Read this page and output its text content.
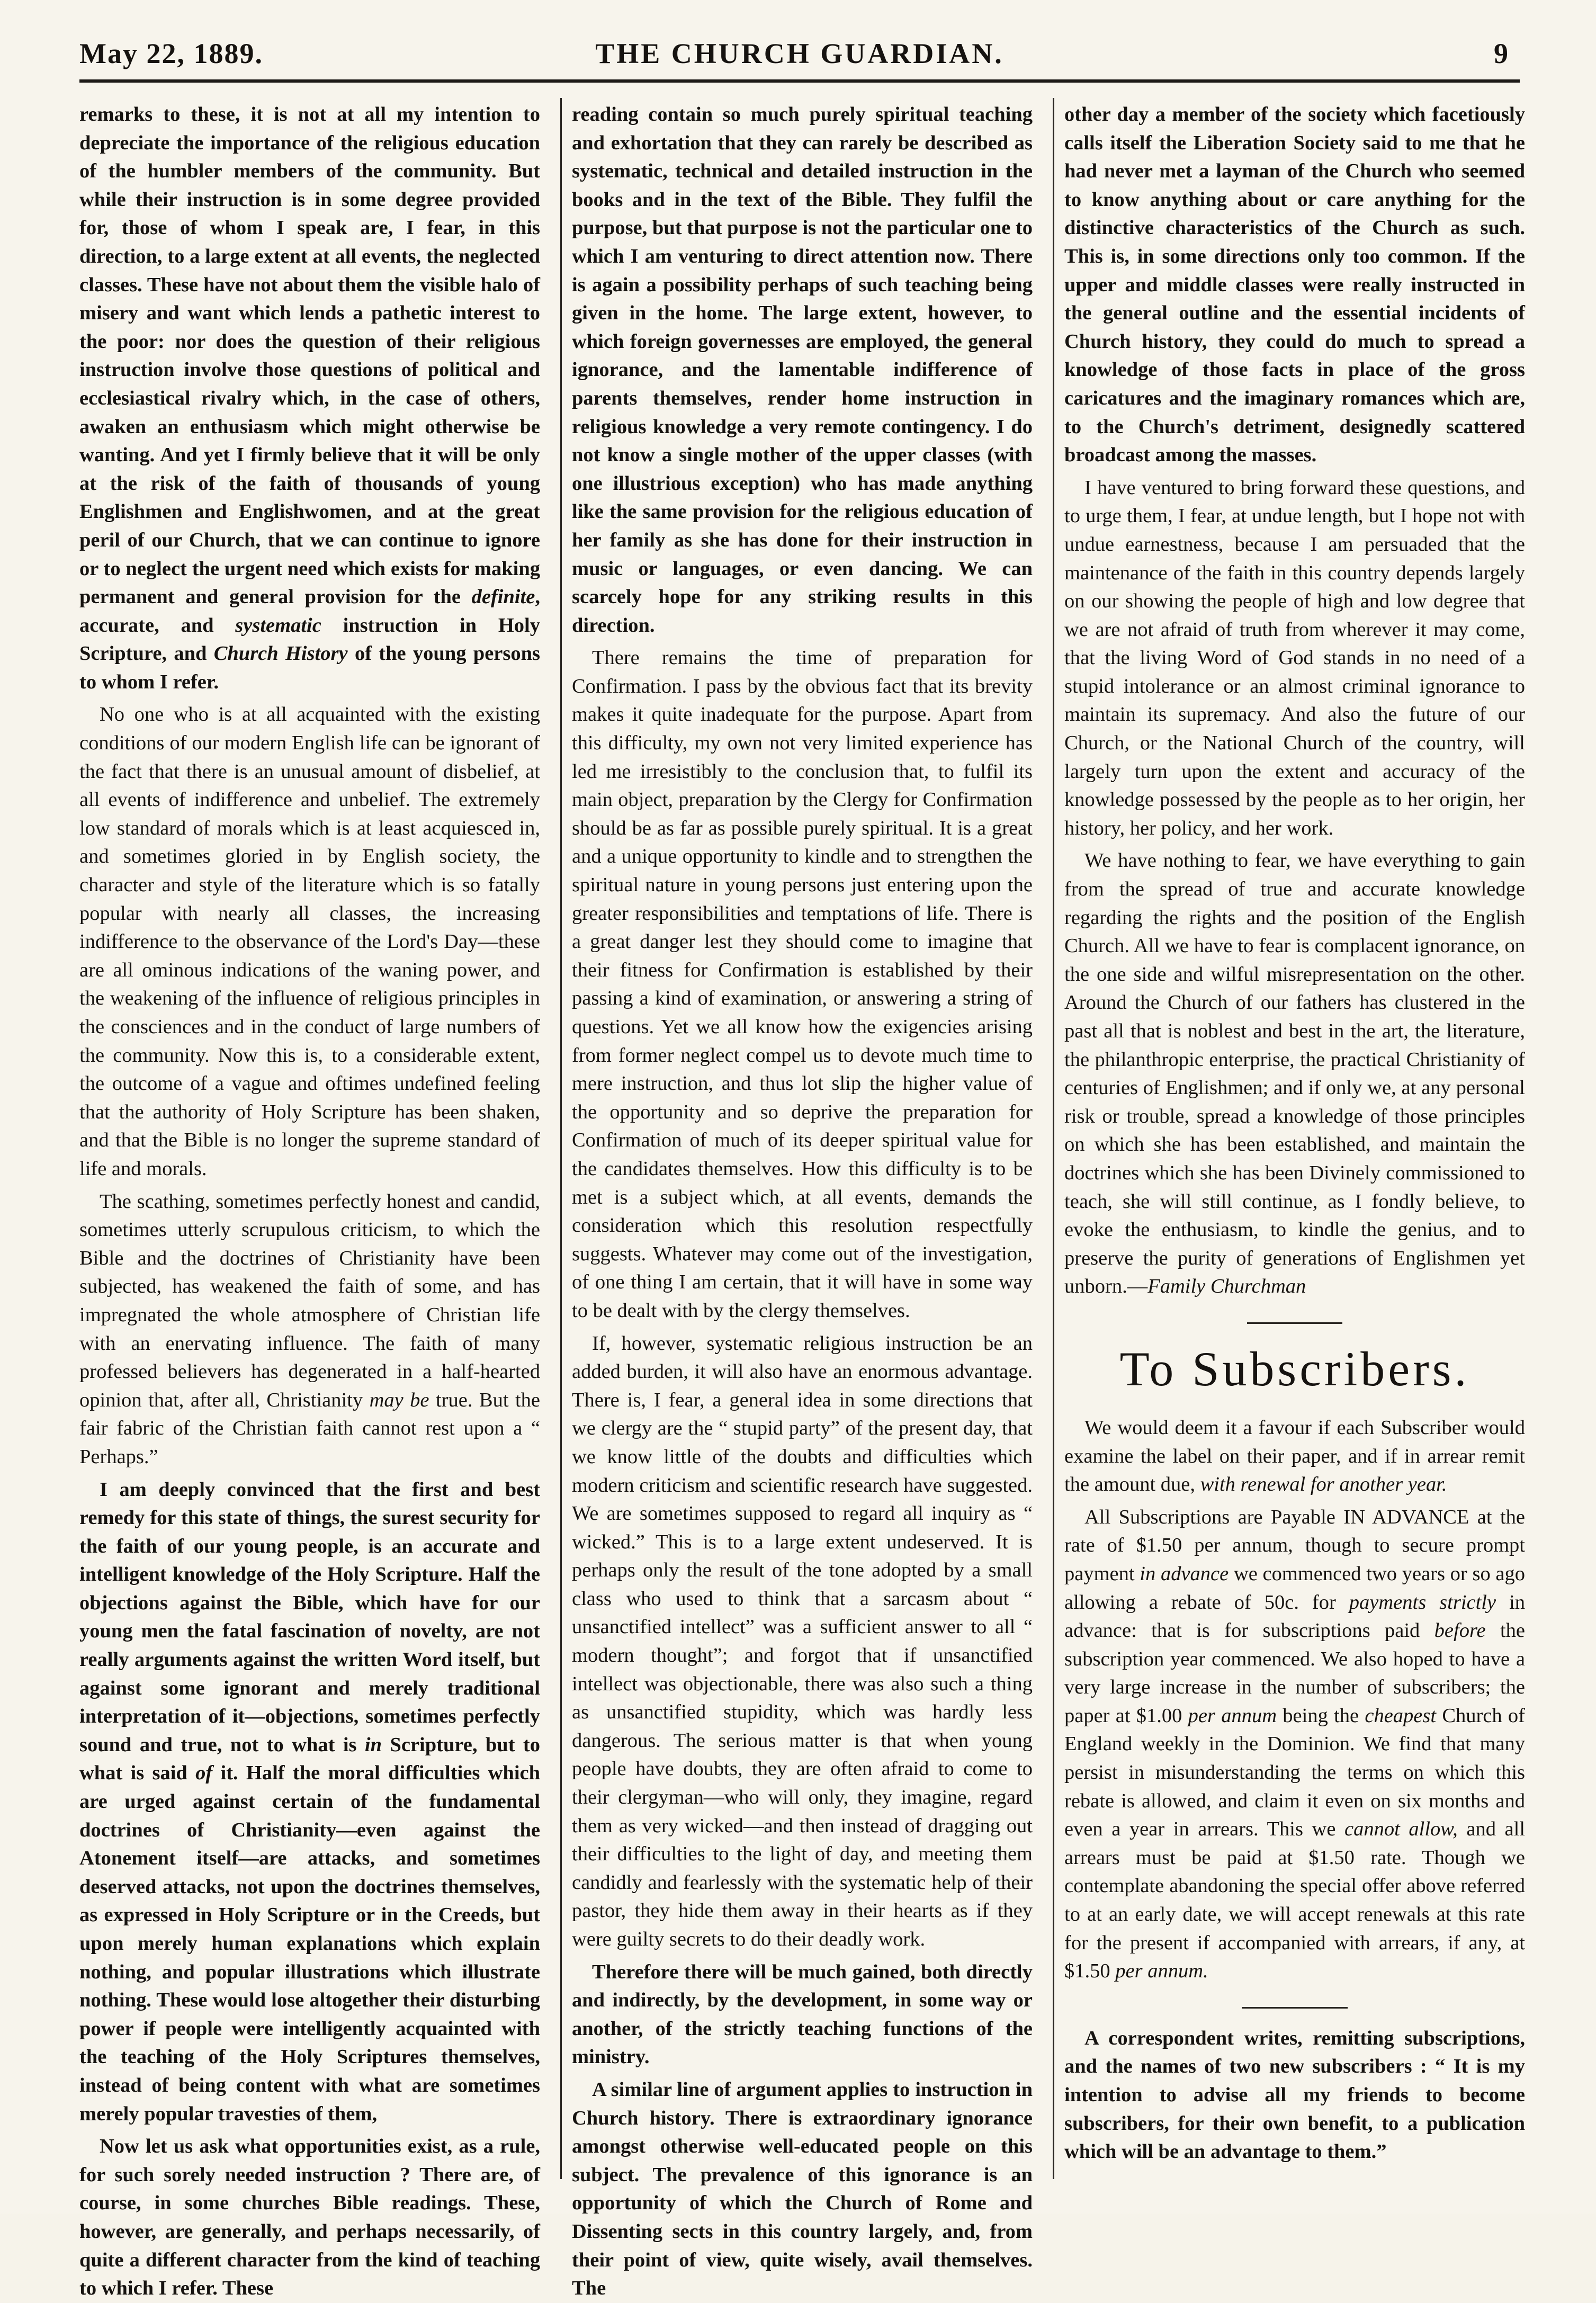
May 22, 1889.	THE CHURCH GUARDIAN.	9

remarks to these, it is not at all my intention to depreciate the importance of the religious education of the humbler members of the community. But while their instruction is in some degree provided for, those of whom I speak are, I fear, in this direction, to a large extent at all events, the neglected classes. These have not about them the visible halo of misery and want which lends a pathetic interest to the poor: nor does the question of their religious instruction involve those questions of political and ecclesiastical rivalry which, in the case of others, awaken an enthusiasm which might otherwise be wanting. And yet I firmly believe that it will be only at the risk of the faith of thousands of young Englishmen and Englishwomen, and at the great peril of our Church, that we can continue to ignore or to neglect the urgent need which exists for making permanent and general provision for the definite, accurate, and systematic instruction in Holy Scripture, and Church History of the young persons to whom I refer.

No one who is at all acquainted with the existing conditions of our modern English life can be ignorant of the fact that there is an unusual amount of disbelief, at all events of indifference and unbelief. The extremely low standard of morals which is at least acquiesced in, and sometimes gloried in by English society, the character and style of the literature which is so fatally popular with nearly all classes, the increasing indifference to the observance of the Lord's Day—these are all ominous indications of the waning power, and the weakening of the influence of religious principles in the consciences and in the conduct of large numbers of the community. Now this is, to a considerable extent, the outcome of a vague and oftimes undefined feeling that the authority of Holy Scripture has been shaken, and that the Bible is no longer the supreme standard of life and morals.

The scathing, sometimes perfectly honest and candid, sometimes utterly scrupulous criticism, to which the Bible and the doctrines of Christianity have been subjected, has weakened the faith of some, and has impregnated the whole atmosphere of Christian life with an enervating influence. The faith of many professed believers has degenerated in a half-hearted opinion that, after all, Christianity may be true. But the fair fabric of the Christian faith cannot rest upon a “ Perhaps.”

I am deeply convinced that the first and best remedy for this state of things, the surest security for the faith of our young people, is an accurate and intelligent knowledge of the Holy Scripture. Half the objections against the Bible, which have for our young men the fatal fascination of novelty, are not really arguments against the written Word itself, but against some ignorant and merely traditional interpretation of it—objections, sometimes perfectly sound and true, not to what is in Scripture, but to what is said of it. Half the moral difficulties which are urged against certain of the fundamental doctrines of Christianity—even against the Atonement itself—are attacks, and sometimes deserved attacks, not upon the doctrines themselves, as expressed in Holy Scripture or in the Creeds, but upon merely human explanations which explain nothing, and popular illustrations which illustrate nothing. These would lose altogether their disturbing power if people were intelligently acquainted with the teaching of the Holy Scriptures themselves, instead of being content with what are sometimes merely popular travesties of them,

Now let us ask what opportunities exist, as a rule, for such sorely needed instruction ? There are, of course, in some churches Bible readings. These, however, are generally, and perhaps necessarily, of quite a different character from the kind of teaching to which I refer. These

reading contain so much purely spiritual teaching and exhortation that they can rarely be described as systematic, technical and detailed instruction in the books and in the text of the Bible. They fulfil the purpose, but that purpose is not the particular one to which I am venturing to direct attention now. There is again a possibility perhaps of such teaching being given in the home. The large extent, however, to which foreign governesses are employed, the general ignorance, and the lamentable indifference of parents themselves, render home instruction in religious knowledge a very remote contingency. I do not know a single mother of the upper classes (with one illustrious exception) who has made anything like the same provision for the religious education of her family as she has done for their instruction in music or languages, or even dancing. We can scarcely hope for any striking results in this direction.

There remains the time of preparation for Confirmation. I pass by the obvious fact that its brevity makes it quite inadequate for the purpose. Apart from this difficulty, my own not very limited experience has led me irresistibly to the conclusion that, to fulfil its main object, preparation by the Clergy for Confirmation should be as far as possible purely spiritual. It is a great and a unique opportunity to kindle and to strengthen the spiritual nature in young persons just entering upon the greater responsibilities and temptations of life. There is a great danger lest they should come to imagine that their fitness for Confirmation is established by their passing a kind of examination, or answering a string of questions. Yet we all know how the exigencies arising from former neglect compel us to devote much time to mere instruction, and thus lot slip the higher value of the opportunity and so deprive the preparation for Confirmation of much of its deeper spiritual value for the candidates themselves. How this difficulty is to be met is a subject which, at all events, demands the consideration which this resolution respectfully suggests. Whatever may come out of the investigation, of one thing I am certain, that it will have in some way to be dealt with by the clergy themselves.

If, however, systematic religious instruction be an added burden, it will also have an enormous advantage. There is, I fear, a general idea in some directions that we clergy are the “ stupid party” of the present day, that we know little of the doubts and difficulties which modern criticism and scientific research have suggested. We are sometimes supposed to regard all inquiry as “ wicked.” This is to a large extent undeserved. It is perhaps only the result of the tone adopted by a small class who used to think that a sarcasm about “ unsanctified intellect” was a sufficient answer to all “ modern thought”; and forgot that if unsanctified intellect was objectionable, there was also such a thing as unsanctified stupidity, which was hardly less dangerous. The serious matter is that when young people have doubts, they are often afraid to come to their clergyman—who will only, they imagine, regard them as very wicked—and then instead of dragging out their difficulties to the light of day, and meeting them candidly and fearlessly with the systematic help of their pastor, they hide them away in their hearts as if they were guilty secrets to do their deadly work.

Therefore there will be much gained, both directly and indirectly, by the development, in some way or another, of the strictly teaching functions of the ministry.

A similar line of argument applies to instruction in Church history. There is extraordinary ignorance amongst otherwise well-educated people on this subject. The prevalence of this ignorance is an opportunity of which the Church of Rome and Dissenting sects in this country largely, and, from their point of view, quite wisely, avail themselves. The

other day a member of the society which facetiously calls itself the Liberation Society said to me that he had never met a layman of the Church who seemed to know anything about or care anything for the distinctive characteristics of the Church as such. This is, in some directions only too common. If the upper and middle classes were really instructed in the general outline and the essential incidents of Church history, they could do much to spread a knowledge of those facts in place of the gross caricatures and the imaginary romances which are, to the Church's detriment, designedly scattered broadcast among the masses.

I have ventured to bring forward these questions, and to urge them, I fear, at undue length, but I hope not with undue earnestness, because I am persuaded that the maintenance of the faith in this country depends largely on our showing the people of high and low degree that we are not afraid of truth from wherever it may come, that the living Word of God stands in no need of a stupid intolerance or an almost criminal ignorance to maintain its supremacy. And also the future of our Church, or the National Church of the country, will largely turn upon the extent and accuracy of the knowledge possessed by the people as to her origin, her history, her policy, and her work.

We have nothing to fear, we have everything to gain from the spread of true and accurate knowledge regarding the rights and the position of the English Church. All we have to fear is complacent ignorance, on the one side and wilful misrepresentation on the other. Around the Church of our fathers has clustered in the past all that is noblest and best in the art, the literature, the philanthropic enterprise, the practical Christianity of centuries of Englishmen; and if only we, at any personal risk or trouble, spread a knowledge of those principles on which she has been established, and maintain the doctrines which she has been Divinely commissioned to teach, she will still continue, as I fondly believe, to evoke the enthusiasm, to kindle the genius, and to preserve the purity of generations of Englishmen yet unborn.—Family Churchman

To Subscribers.

We would deem it a favour if each Subscriber would examine the label on their paper, and if in arrear remit the amount due, with renewal for another year.

All Subscriptions are Payable IN ADVANCE at the rate of $1.50 per annum, though to secure prompt payment in advance we commenced two years or so ago allowing a rebate of 50c. for payments strictly in advance: that is for subscriptions paid before the subscription year commenced. We also hoped to have a very large increase in the number of subscribers; the paper at $1.00 per annum being the cheapest Church of England weekly in the Dominion. We find that many persist in misunderstanding the terms on which this rebate is allowed, and claim it even on six months and even a year in arrears. This we cannot allow, and all arrears must be paid at $1.50 rate. Though we contemplate abandoning the special offer above referred to at an early date, we will accept renewals at this rate for the present if accompanied with arrears, if any, at $1.50 per annum.

A correspondent writes, remitting subscriptions, and the names of two new subscribers : “ It is my intention to advise all my friends to become subscribers, for their own benefit, to a publication which will be an advantage to them.”
